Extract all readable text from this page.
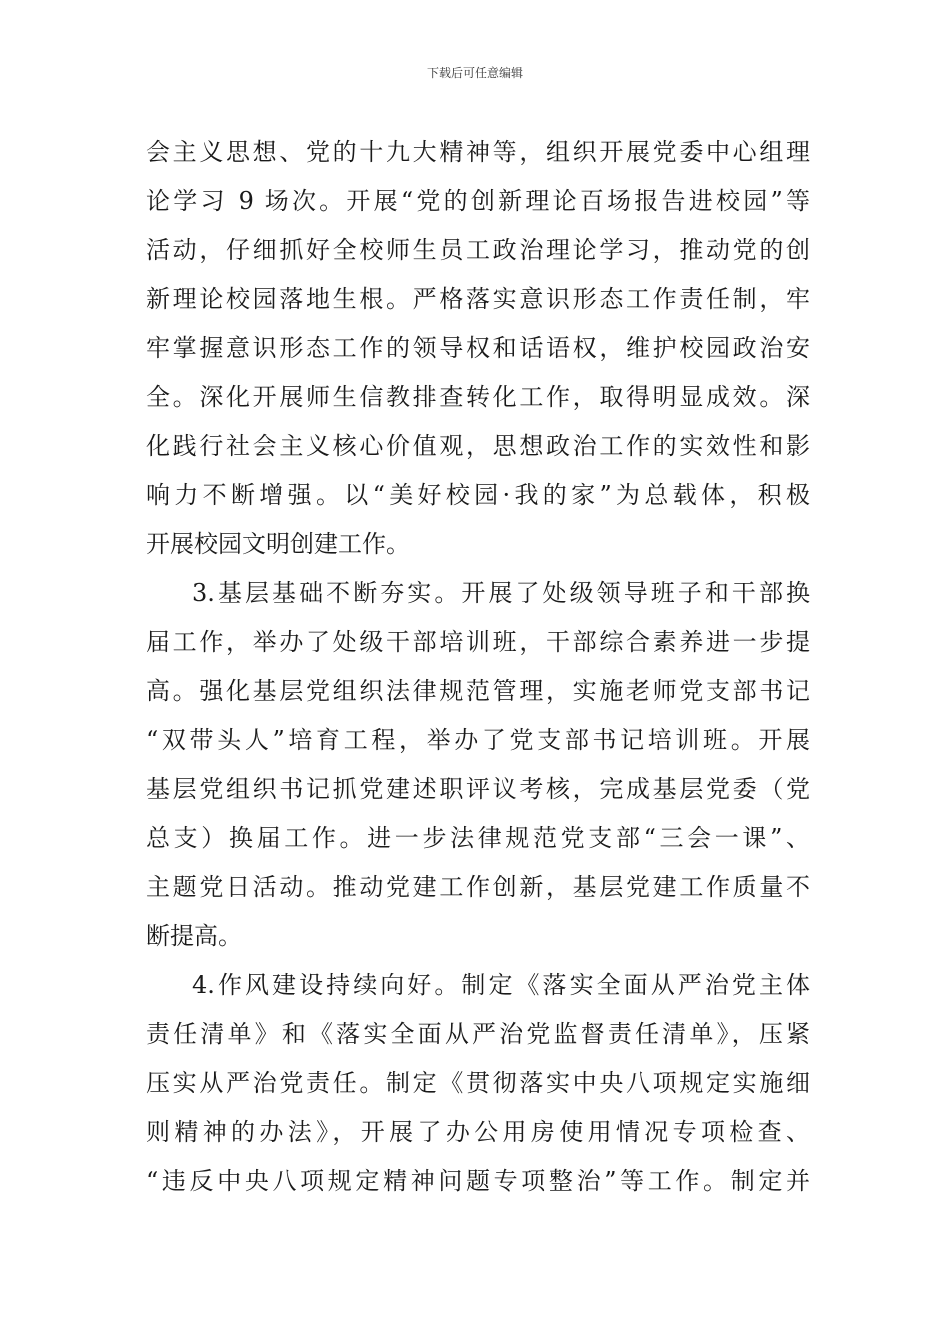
下载后可任意编辑
会主义思想、党的十九大精神等，组织开展党委中心组理
论学习 9 场次。开展“党的创新理论百场报告进校园”等
活动，仔细抓好全校师生员工政治理论学习，推动党的创
新理论校园落地生根。严格落实意识形态工作责任制，牢
牢掌握意识形态工作的领导权和话语权，维护校园政治安
全。深化开展师生信教排查转化工作，取得明显成效。深
化践行社会主义核心价值观，思想政治工作的实效性和影
响力不断增强。以“美好校园·我的家”为总载体，积极
开展校园文明创建工作。
3.基层基础不断夯实。开展了处级领导班子和干部换
届工作，举办了处级干部培训班，干部综合素养进一步提
高。强化基层党组织法律规范管理，实施老师党支部书记
“双带头人”培育工程，举办了党支部书记培训班。开展
基层党组织书记抓党建述职评议考核，完成基层党委（党
总支）换届工作。进一步法律规范党支部“三会一课”、
主题党日活动。推动党建工作创新，基层党建工作质量不
断提高。
4.作风建设持续向好。制定《落实全面从严治党主体
责任清单》和《落实全面从严治党监督责任清单》，压紧
压实从严治党责任。制定《贯彻落实中央八项规定实施细
则精神的办法》，开展了办公用房使用情况专项检查、
“违反中央八项规定精神问题专项整治”等工作。制定并
